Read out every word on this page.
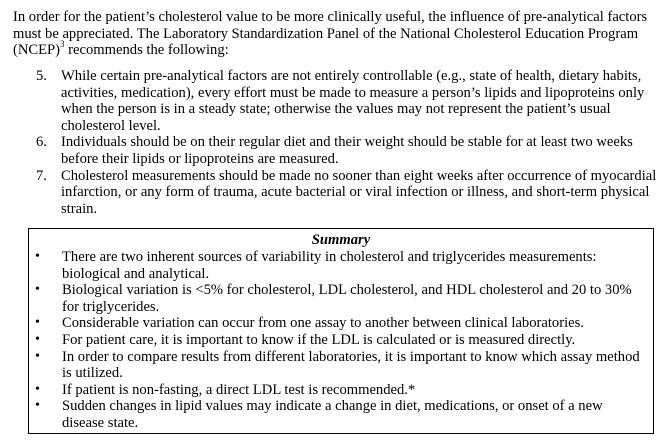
In order for the patient’s cholesterol value to be more clinically useful, the influence of pre-analytical factors must be appreciated. The Laboratory Standardization Panel of the National Cholesterol Education Program (NCEP)$^3$ recommends the following:

5. While certain pre-analytical factors are not entirely controllable (e.g., state of health, dietary habits, activities, medication), every effort must be made to measure a person’s lipids and lipoproteins only when the person is in a steady state; otherwise the values may not represent the patient’s usual cholesterol level.
6. Individuals should be on their regular diet and their weight should be stable for at least two weeks before their lipids or lipoproteins are measured.
7. Cholesterol measurements should be made no sooner than eight weeks after occurrence of myocardial infarction, or any form of trauma, acute bacterial or viral infection or illness, and short-term physical strain.

Summary

• There are two inherent sources of variability in cholesterol and triglycerides measurements: biological and analytical.
• Biological variation is <5% for cholesterol, LDL cholesterol, and HDL cholesterol and 20 to 30% for triglycerides.
• Considerable variation can occur from one assay to another between clinical laboratories.
• For patient care, it is important to know if the LDL is calculated or is measured directly.
• In order to compare results from different laboratories, it is important to know which assay method is utilized.
• If patient is non-fasting, a direct LDL test is recommended.*
• Sudden changes in lipid values may indicate a change in diet, medications, or onset of a new disease state.
